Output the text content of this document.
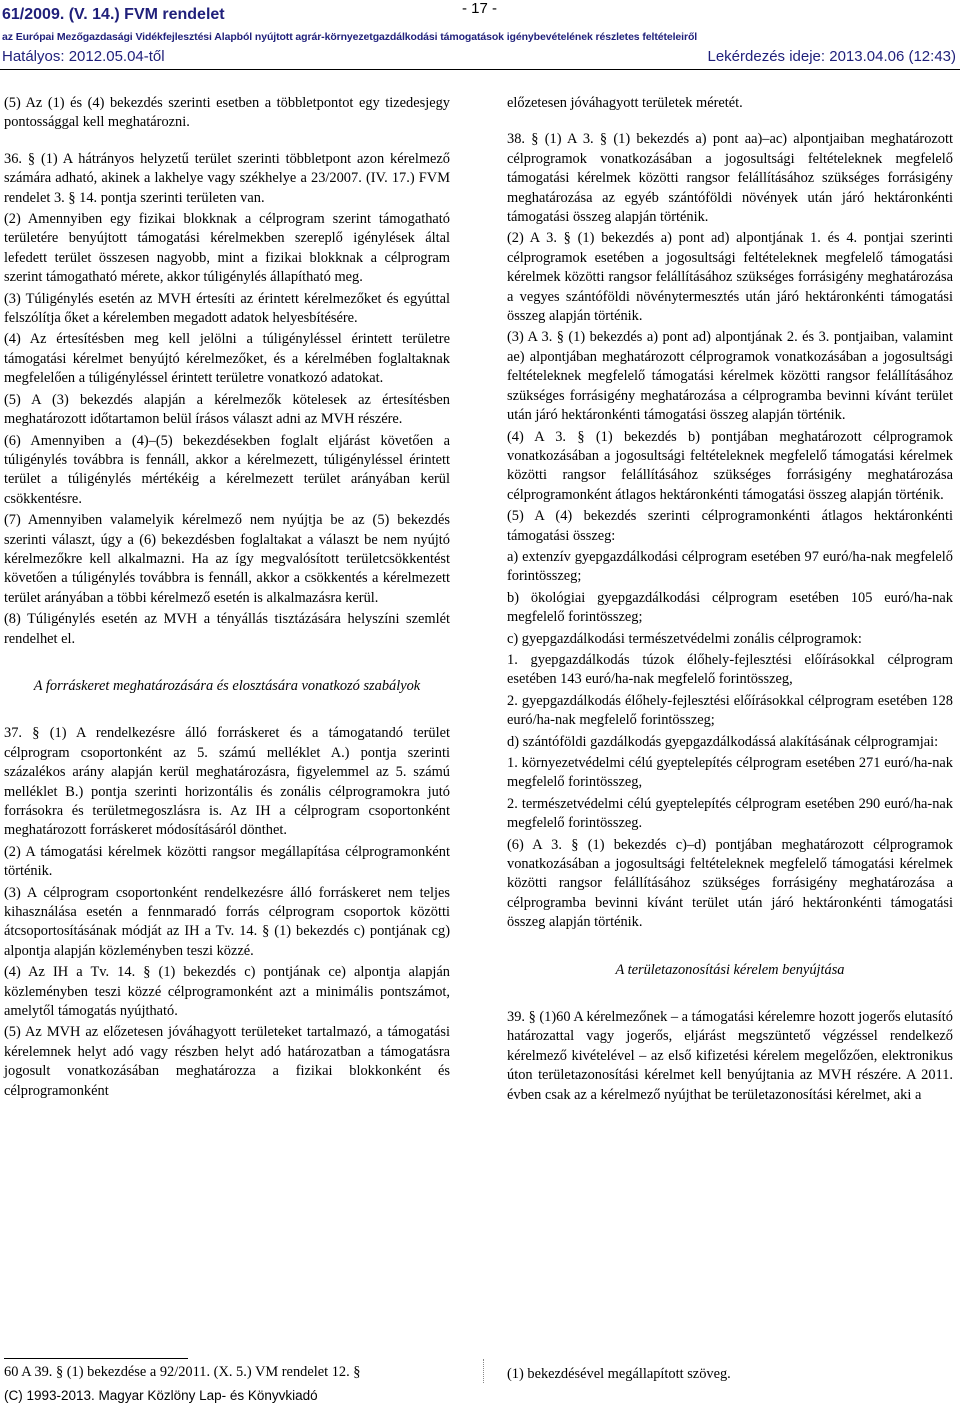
61/2009. (V. 14.) FVM rendelet	- 17 -
az Európai Mezőgazdasági Vidékfejlesztési Alapból nyújtott agrár-környezetgazdálkodási támogatások igénybevételének részletes feltételeiről
Hatályos: 2012.05.04-től	Lekérdezés ideje: 2013.04.06 (12:43)

(5) Az (1) és (4) bekezdés szerinti esetben a többletpontot egy tizedesjegy pontossággal kell meghatározni.

36. § (1) A hátrányos helyzetű terület szerinti többletpont azon kérelmező számára adható, akinek a lakhelye vagy székhelye a 23/2007. (IV. 17.) FVM rendelet 3. § 14. pontja szerinti területen van.

(2) Amennyiben egy fizikai blokknak a célprogram szerint támogatható területére benyújtott támogatási kérelmekben szereplő igénylések által lefedett terület összesen nagyobb, mint a fizikai blokknak a célprogram szerint támogatható mérete, akkor túligénylés állapítható meg.

(3) Túligénylés esetén az MVH értesíti az érintett kérelmezőket és egyúttal felszólítja őket a kérelemben megadott adatok helyesbítésére.

(4) Az értesítésben meg kell jelölni a túligényléssel érintett területre támogatási kérelmet benyújtó kérelmezőket, és a kérelmében foglaltaknak megfelelően a túligényléssel érintett területre vonatkozó adatokat.

(5) A (3) bekezdés alapján a kérelmezők kötelesek az értesítésben meghatározott időtartamon belül írásos választ adni az MVH részére.

(6) Amennyiben a (4)–(5) bekezdésekben foglalt eljárást követően a túligénylés továbbra is fennáll, akkor a kérelmezett, túligényléssel érintett terület a túligénylés mértékéig a kérelmezett terület arányában kerül csökkentésre.

(7) Amennyiben valamelyik kérelmező nem nyújtja be az (5) bekezdés szerinti választ, úgy a (6) bekezdésben foglaltakat a választ be nem nyújtó kérelmezőkre kell alkalmazni. Ha az így megvalósított területcsökkentést követően a túligénylés továbbra is fennáll, akkor a csökkentés a kérelmezett terület arányában a többi kérelmező esetén is alkalmazásra kerül.

(8) Túligénylés esetén az MVH a tényállás tisztázására helyszíni szemlét rendelhet el.

A forráskeret meghatározására és elosztására vonatkozó szabályok

37. § (1) A rendelkezésre álló forráskeret és a támogatandó terület célprogram csoportonként az 5. számú melléklet A.) pontja szerinti százalékos arány alapján kerül meghatározásra, figyelemmel az 5. számú melléklet B.) pontja szerinti horizontális és zonális célprogramokra jutó forrásokra és területmegoszlásra is. Az IH a célprogram csoportonként meghatározott forráskeret módosításáról dönthet.

(2) A támogatási kérelmek közötti rangsor megállapítása célprogramonként történik.

(3) A célprogram csoportonként rendelkezésre álló forráskeret nem teljes kihasználása esetén a fennmaradó forrás célprogram csoportok közötti átcsoportosításának módját az IH a Tv. 14. § (1) bekezdés c) pontjának cg) alpontja alapján közleményben teszi közzé.

(4) Az IH a Tv. 14. § (1) bekezdés c) pontjának ce) alpontja alapján közleményben teszi közzé célprogramonként azt a minimális pontszámot, amelytől támogatás nyújtható.

(5) Az MVH az előzetesen jóváhagyott területeket tartalmazó, a támogatási kérelemnek helyt adó vagy részben helyt adó határozatban a támogatásra jogosult vonatkozásában meghatározza a fizikai blokkonként és célprogramonként

előzetesen jóváhagyott területek méretét.

38. § (1) A 3. § (1) bekezdés a) pont aa)–ac) alpontjaiban meghatározott célprogramok vonatkozásában a jogosultsági feltételeknek megfelelő támogatási kérelmek közötti rangsor felállításához szükséges forrásigény meghatározása az egyéb szántóföldi növények után járó hektáronkénti támogatási összeg alapján történik.

(2) A 3. § (1) bekezdés a) pont ad) alpontjának 1. és 4. pontjai szerinti célprogramok esetében a jogosultsági feltételeknek megfelelő támogatási kérelmek közötti rangsor felállításához szükséges forrásigény meghatározása a vegyes szántóföldi növénytermesztés után járó hektáronkénti támogatási összeg alapján történik.

(3) A 3. § (1) bekezdés a) pont ad) alpontjának 2. és 3. pontjaiban, valamint ae) alpontjában meghatározott célprogramok vonatkozásában a jogosultsági feltételeknek megfelelő támogatási kérelmek közötti rangsor felállításához szükséges forrásigény meghatározása a célprogramba bevinni kívánt terület után járó hektáronkénti támogatási összeg alapján történik.

(4) A 3. § (1) bekezdés b) pontjában meghatározott célprogramok vonatkozásában a jogosultsági feltételeknek megfelelő támogatási kérelmek közötti rangsor felállításához szükséges forrásigény meghatározása célprogramonként átlagos hektáronkénti támogatási összeg alapján történik.

(5) A (4) bekezdés szerinti célprogramonkénti átlagos hektáronkénti támogatási összeg:

a) extenzív gyepgazdálkodási célprogram esetében 97 euró/ha-nak megfelelő forintösszeg;

b) ökológiai gyepgazdálkodási célprogram esetében 105 euró/ha-nak megfelelő forintösszeg;

c) gyepgazdálkodási természetvédelmi zonális célprogramok:

1. gyepgazdálkodás túzok élőhely-fejlesztési előírásokkal célprogram esetében 143 euró/ha-nak megfelelő forintösszeg,

2. gyepgazdálkodás élőhely-fejlesztési előírásokkal célprogram esetében 128 euró/ha-nak megfelelő forintösszeg;

d) szántóföldi gazdálkodás gyepgazdálkodássá alakításának célprogramjai:

1. környezetvédelmi célú gyeptelepítés célprogram esetében 271 euró/ha-nak megfelelő forintösszeg,

2. természetvédelmi célú gyeptelepítés célprogram esetében 290 euró/ha-nak megfelelő forintösszeg.

(6) A 3. § (1) bekezdés c)–d) pontjában meghatározott célprogramok vonatkozásában a jogosultsági feltételeknek megfelelő támogatási kérelmek közötti rangsor felállításához szükséges forrásigény meghatározása a célprogramba bevinni kívánt terület után járó hektáronkénti támogatási összeg alapján történik.

A területazonosítási kérelem benyújtása

39. § (1)60 A kérelmezőnek – a támogatási kérelemre hozott jogerős elutasító határozattal vagy jogerős, eljárást megszüntető végzéssel rendelkező kérelmező kivételével – az első kifizetési kérelem megelőzően, elektronikus úton területazonosítási kérelmet kell benyújtania az MVH részére. A 2011. évben csak az a kérelmező nyújthat be területazonosítási kérelmet, aki a

60 A 39. § (1) bekezdése a 92/2011. (X. 5.) VM rendelet 12. §	(1) bekezdésével megállapított szöveg.
(C) 1993-2013. Magyar Közlöny Lap- és Könyvkiadó
